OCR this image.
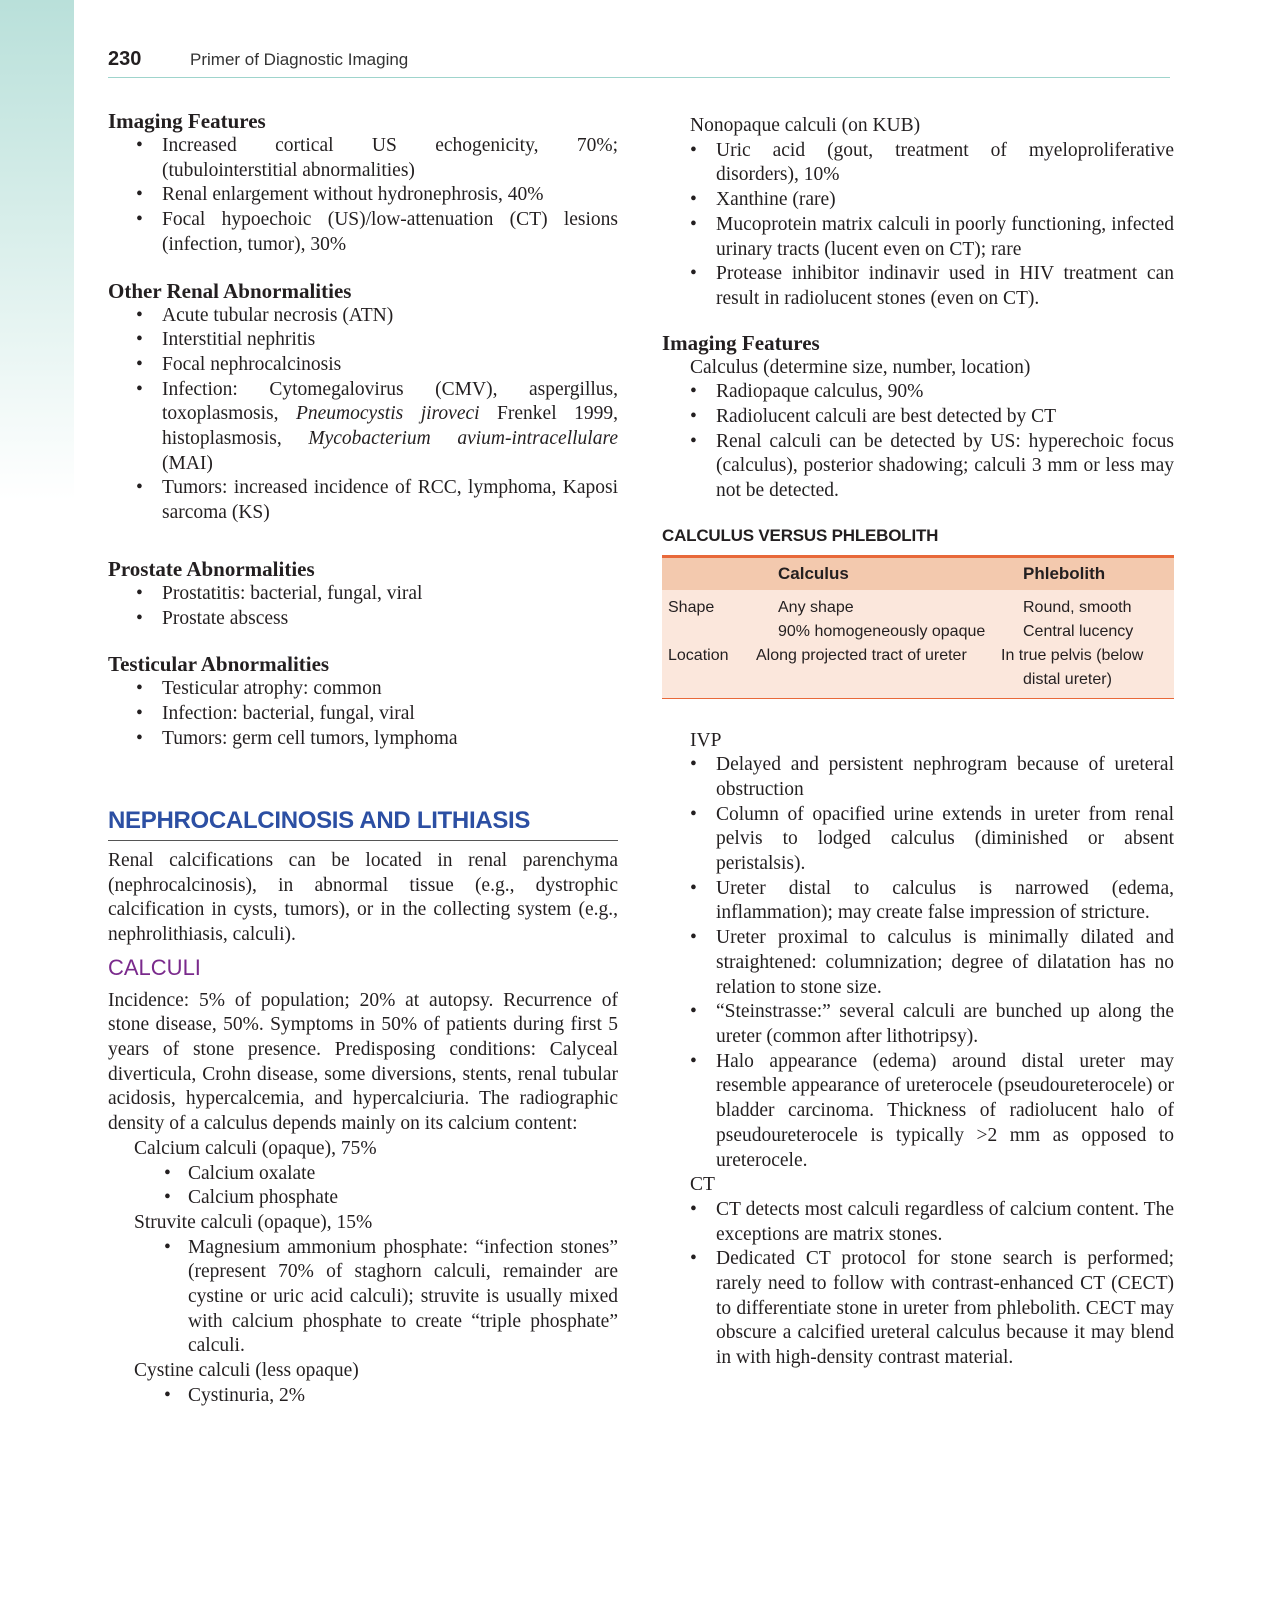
230	Primer of Diagnostic Imaging
Imaging Features
• Increased cortical US echogenicity, 70%; (tubulointerstitial abnormalities)
• Renal enlargement without hydronephrosis, 40%
• Focal hypoechoic (US)/low-attenuation (CT) lesions (infection, tumor), 30%
Other Renal Abnormalities
• Acute tubular necrosis (ATN)
• Interstitial nephritis
• Focal nephrocalcinosis
• Infection: Cytomegalovirus (CMV), aspergillus, toxoplasmosis, Pneumocystis jiroveci Frenkel 1999, histoplasmosis, Mycobacterium avium-intracellulare (MAI)
• Tumors: increased incidence of RCC, lymphoma, Kaposi sarcoma (KS)
Prostate Abnormalities
• Prostatitis: bacterial, fungal, viral
• Prostate abscess
Testicular Abnormalities
• Testicular atrophy: common
• Infection: bacterial, fungal, viral
• Tumors: germ cell tumors, lymphoma
NEPHROCALCINOSIS AND LITHIASIS

Renal calcifications can be located in renal parenchyma (nephrocalcinosis), in abnormal tissue (e.g., dystrophic calcification in cysts, tumors), or in the collecting system (e.g., nephrolithiasis, calculi).

CALCULI

Incidence: 5% of population; 20% at autopsy. Recurrence of stone disease, 50%. Symptoms in 50% of patients during first 5 years of stone presence. Predisposing conditions: Calyceal diverticula, Crohn disease, some diversions, stents, renal tubular acidosis, hypercalcemia, and hypercalciuria. The radiographic density of a calculus depends mainly on its calcium content:

Calcium calculi (opaque), 75%
• Calcium oxalate
• Calcium phosphate
Struvite calculi (opaque), 15%
• Magnesium ammonium phosphate: “infection stones” (represent 70% of staghorn calculi, remainder are cystine or uric acid calculi); struvite is usually mixed with calcium phosphate to create “triple phosphate” calculi.
Cystine calculi (less opaque)
• Cystinuria, 2%
Nonopaque calculi (on KUB)
• Uric acid (gout, treatment of myeloproliferative disorders), 10%
• Xanthine (rare)
• Mucoprotein matrix calculi in poorly functioning, infected urinary tracts (lucent even on CT); rare
• Protease inhibitor indinavir used in HIV treatment can result in radiolucent stones (even on CT).
Imaging Features
Calculus (determine size, number, location)
• Radiopaque calculus, 90%
• Radiolucent calculi are best detected by CT
• Renal calculi can be detected by US: hyperechoic focus (calculus), posterior shadowing; calculi 3 mm or less may not be detected.
CALCULUS VERSUS PHLEBOLITH
	Calculus	Phlebolith
Shape	Any shape	Round, smooth
	90% homogeneously opaque	Central lucency
Location	Along projected tract of ureter	In true pelvis (below distal ureter)
IVP
• Delayed and persistent nephrogram because of ureteral obstruction
• Column of opacified urine extends in ureter from renal pelvis to lodged calculus (diminished or absent peristalsis).
• Ureter distal to calculus is narrowed (edema, inflammation); may create false impression of stricture.
• Ureter proximal to calculus is minimally dilated and straightened: columnization; degree of dilatation has no relation to stone size.
• “Steinstrasse:” several calculi are bunched up along the ureter (common after lithotripsy).
• Halo appearance (edema) around distal ureter may resemble appearance of ureterocele (pseudoureterocele) or bladder carcinoma. Thickness of radiolucent halo of pseudoureterocele is typically >2 mm as opposed to ureterocele.
CT
• CT detects most calculi regardless of calcium content. The exceptions are matrix stones.
• Dedicated CT protocol for stone search is performed; rarely need to follow with contrast-enhanced CT (CECT) to differentiate stone in ureter from phlebolith. CECT may obscure a calcified ureteral calculus because it may blend in with high-density contrast material.
